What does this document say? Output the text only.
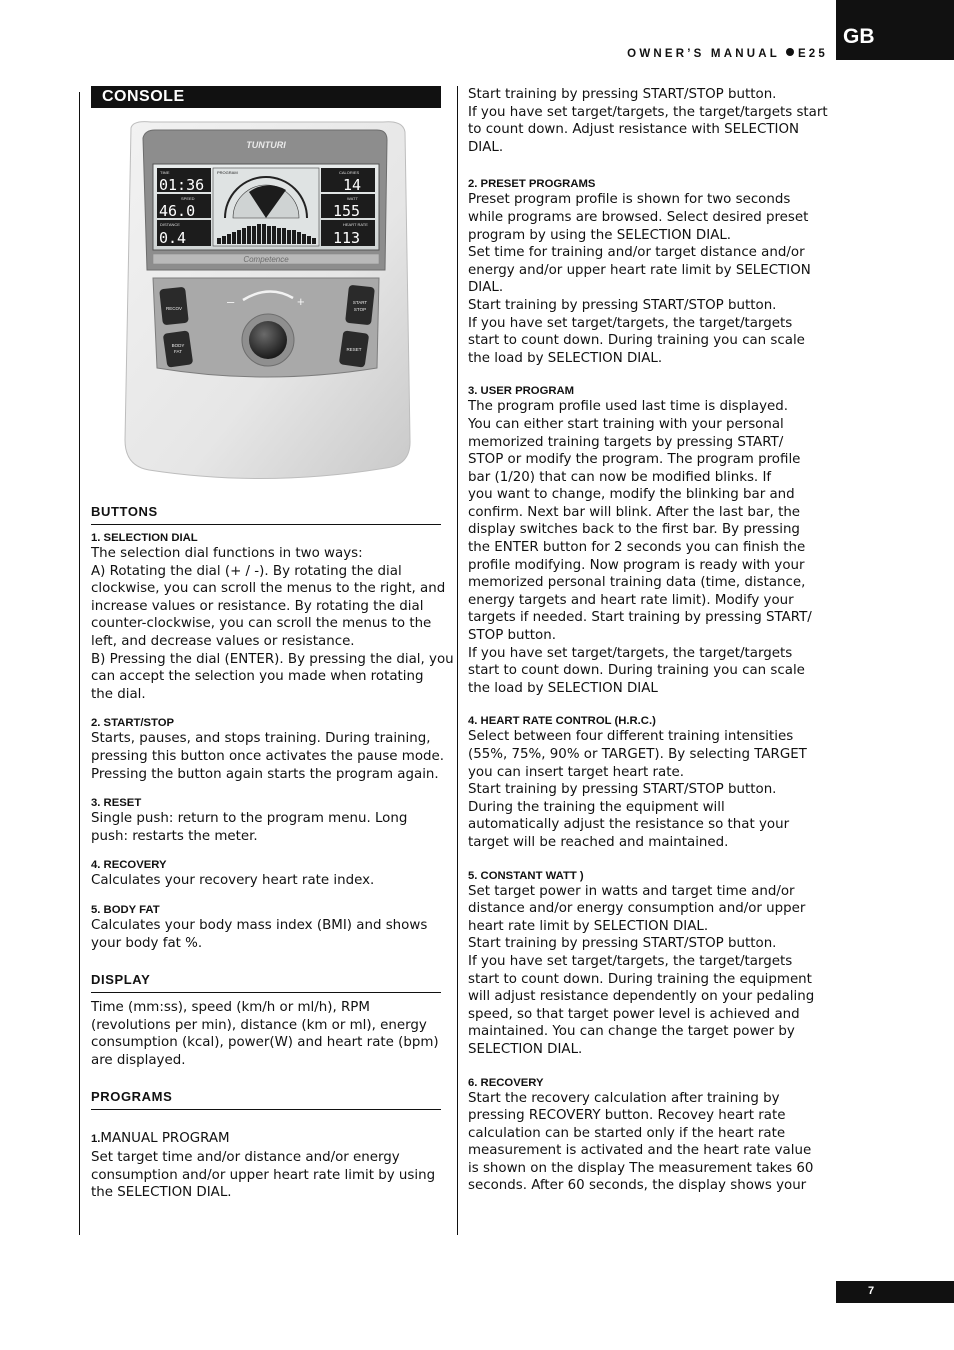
GB
OWNER’S MANUAL E25
CONSOLE
TUNTURI
TIME
01:36
SPEED
46.0
DISTANCE
0.4
PROGRAM	CALORIES
14
WATT
155
HEART RATE
113
Competence
RECOV
BODY
FAT
START
STOP
RESET
–	+
BUTTONS
1. SELECTION DIAL

The selection dial functions in two ways:
A) Rotating the dial (+ / -). By rotating the dial
clockwise, you can scroll the menus to the right, and
increase values or resistance. By rotating the dial
counter-clockwise, you can scroll the menus to the
left, and decrease values or resistance.
B) Pressing the dial (ENTER). By pressing the dial, you
can accept the selection you made when rotating
the dial.

2. START/STOP

Starts, pauses, and stops training. During training,
pressing this button once activates the pause mode.
Pressing the button again starts the program again.

3. RESET

Single push: return to the program menu. Long
push: restarts the meter.

4. RECOVERY

Calculates your recovery heart rate index.

5. BODY FAT

Calculates your body mass index (BMI) and shows
your body fat %.

DISPLAY

Time (mm:ss), speed (km/h or ml/h), RPM
(revolutions per min), distance (km or ml), energy
consumption (kcal), power(W) and heart rate (bpm)
are displayed.

PROGRAMS

1.MANUAL PROGRAM
Set target time and/or distance and/or energy
consumption and/or upper heart rate limit by using
the SELECTION DIAL.

Start training by pressing START/STOP button.
If you have set target/targets, the target/targets start
to count down. Adjust resistance with SELECTION
DIAL.

2. PRESET PROGRAMS

Preset program profile is shown for two seconds
while programs are browsed. Select desired preset
program by using the SELECTION DIAL.
Set time for training and/or target distance and/or
energy and/or upper heart rate limit by SELECTION
DIAL.
Start training by pressing START/STOP button.
If you have set target/targets, the target/targets
start to count down. During training you can scale
the load by SELECTION DIAL.

3. USER PROGRAM

The program profile used last time is displayed.
You can either start training with your personal
memorized training targets by pressing START/
STOP or modify the program. The program profile
bar (1/20) that can now be modified blinks. If
you want to change, modify the blinking bar and
confirm. Next bar will blink. After the last bar, the
display switches back to the first bar. By pressing
the ENTER button for 2 seconds you can finish the
profile modifying. Now program is ready with your
memorized personal training data (time, distance,
energy targets and heart rate limit). Modify your
targets if needed. Start training by pressing START/
STOP button.
If you have set target/targets, the target/targets
start to count down. During training you can scale
the load by SELECTION DIAL

4. HEART RATE CONTROL (H.R.C.)

Select between four different training intensities
(55%, 75%, 90% or TARGET). By selecting TARGET
you can insert target heart rate.
Start training by pressing START/STOP button.
During the training the equipment will
automatically adjust the resistance so that your
target will be reached and maintained.

5. CONSTANT WATT )

Set target power in watts and target time and/or
distance and/or energy consumption and/or upper
heart rate limit by SELECTION DIAL.
Start training by pressing START/STOP button.
If you have set target/targets, the target/targets
start to count down. During training the equipment
will adjust resistance dependently on your pedaling
speed, so that target power level is achieved and
maintained. You can change the target power by
SELECTION DIAL.

6. RECOVERY

Start the recovery calculation after training by
pressing RECOVERY button. Recovey heart rate
calculation can be started only if the heart rate
measurement is activated and the heart rate value
is shown on the display The measurement takes 60
seconds. After 60 seconds, the display shows your

7
